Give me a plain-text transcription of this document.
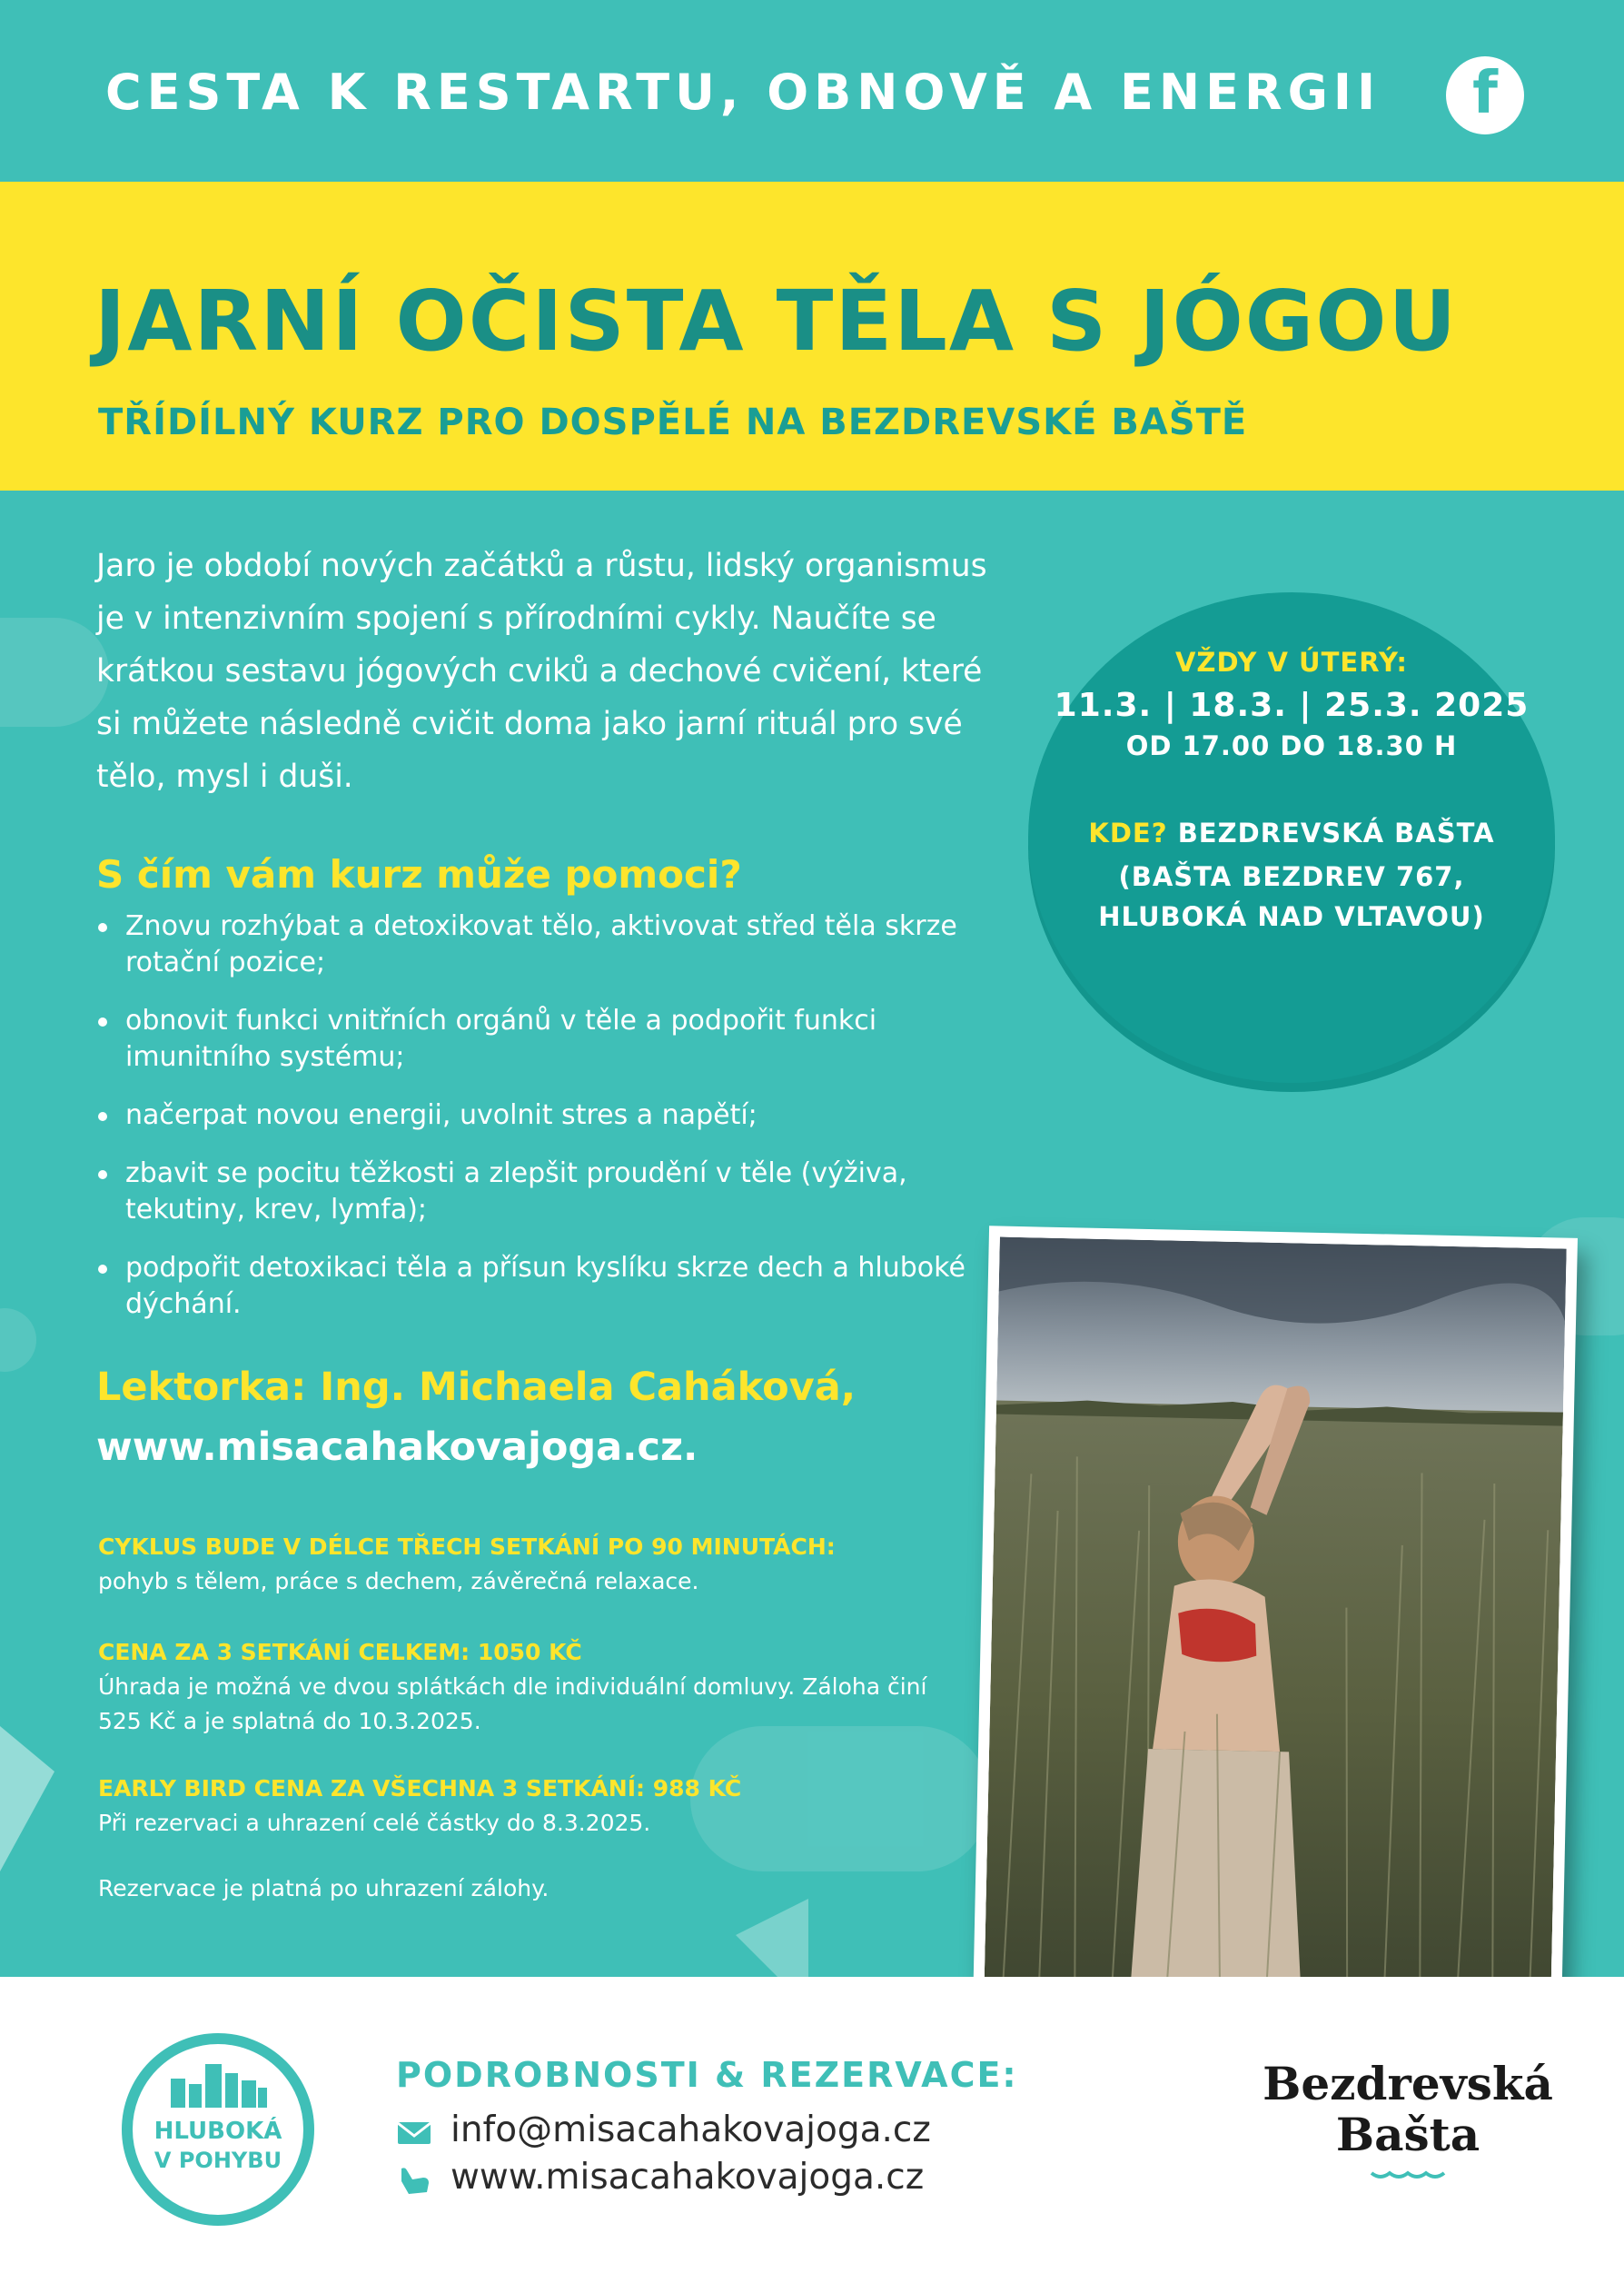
CESTA K RESTARTU, OBNOVĚ A ENERGII	f
JARNÍ OČISTA TĚLA S JÓGOU
TŘÍDÍLNÝ KURZ PRO DOSPĚLÉ NA BEZDREVSKÉ BAŠTĚ

Jaro je období nových začátků a růstu, lidský organismus je v intenzivním spojení s přírodními cykly. Naučíte se krátkou sestavu jógových cviků a dechové cvičení, které si můžete následně cvičit doma jako jarní rituál pro své tělo, mysl i duši.

S čím vám kurz může pomoci?
Znovu rozhýbat a detoxikovat tělo, aktivovat střed těla skrze rotační pozice;
obnovit funkci vnitřních orgánů v těle a podpořit funkci imunitního systému;
načerpat novou energii, uvolnit stres a napětí;
zbavit se pocitu těžkosti a zlepšit proudění v těle (výživa, tekutiny, krev, lymfa);
podpořit detoxikaci těla a přísun kyslíku skrze dech a hluboké dýchání.
Lektorka: Ing. Michaela Caháková,
www.misacahakovajoga.cz.
CYKLUS BUDE V DÉLCE TŘECH SETKÁNÍ PO 90 MINUTÁCH:
pohyb s tělem, práce s dechem, závěrečná relaxace.
CENA ZA 3 SETKÁNÍ CELKEM: 1050 KČ
Úhrada je možná ve dvou splátkách dle individuální domluvy. Záloha činí 525 Kč a je splatná do 10.3.2025.
EARLY BIRD CENA ZA VŠECHNA 3 SETKÁNÍ: 988 KČ
Při rezervaci a uhrazení celé částky do 8.3.2025.
Rezervace je platná po uhrazení zálohy.
VŽDY V ÚTERÝ:
11.3. | 18.3. | 25.3. 2025
OD 17.00 DO 18.30 H
KDE? BEZDREVSKÁ BAŠTA
(BAŠTA BEZDREV 767,
HLUBOKÁ NAD VLTAVOU)
HLUBOKÁ
V POHYBU
PODROBNOSTI & REZERVACE:
info@misacahakovajoga.cz
www.misacahakovajoga.cz
Bezdrevská
Bašta
